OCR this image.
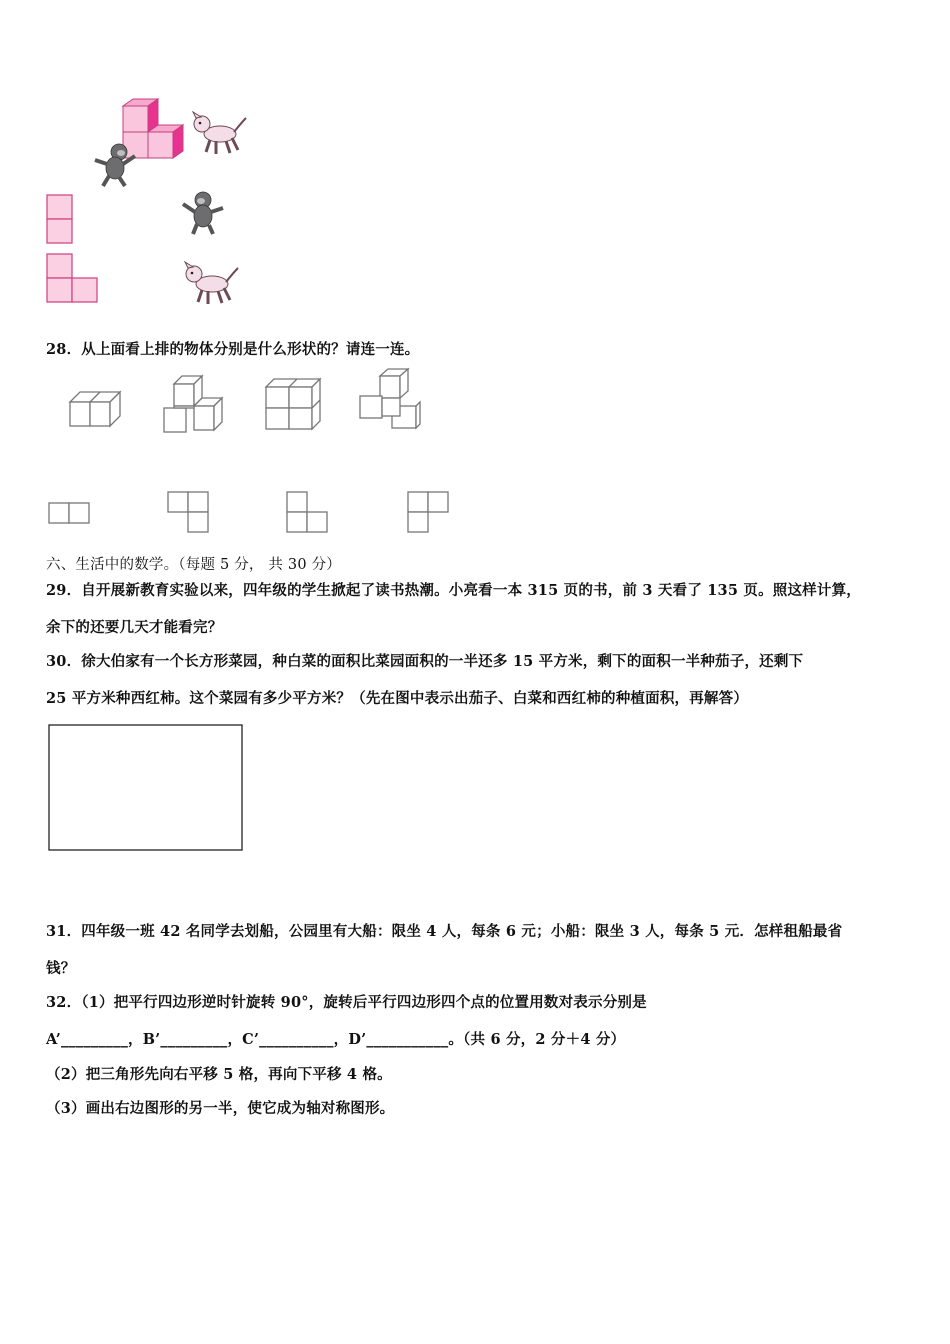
28．从上面看上排的物体分别是什么形状的？请连一连。
六、生活中的数学。（每题 5 分， 共 30 分）
29．自开展新教育实验以来，四年级的学生掀起了读书热潮。小亮看一本 315 页的书，前 3 天看了 135 页。照这样计算，
余下的还要几天才能看完？
30．徐大伯家有一个长方形菜园，种白菜的面积比菜园面积的一半还多 15 平方米，剩下的面积一半种茄子，还剩下
25 平方米种西红柿。这个菜园有多少平方米？（先在图中表示出茄子、白菜和西红柿的种植面积，再解答）
31．四年级一班 42 名同学去划船，公园里有大船：限坐 4 人，每条 6 元；小船：限坐 3 人，每条 5 元．怎样租船最省
钱？
32．（1）把平行四边形逆时针旋转 90°，旋转后平行四边形四个点的位置用数对表示分别是
A’_________，B’_________，C’__________，D’___________。（共 6 分，2 分＋4 分）
（2）把三角形先向右平移 5 格，再向下平移 4 格。
（3）画出右边图形的另一半，使它成为轴对称图形。
